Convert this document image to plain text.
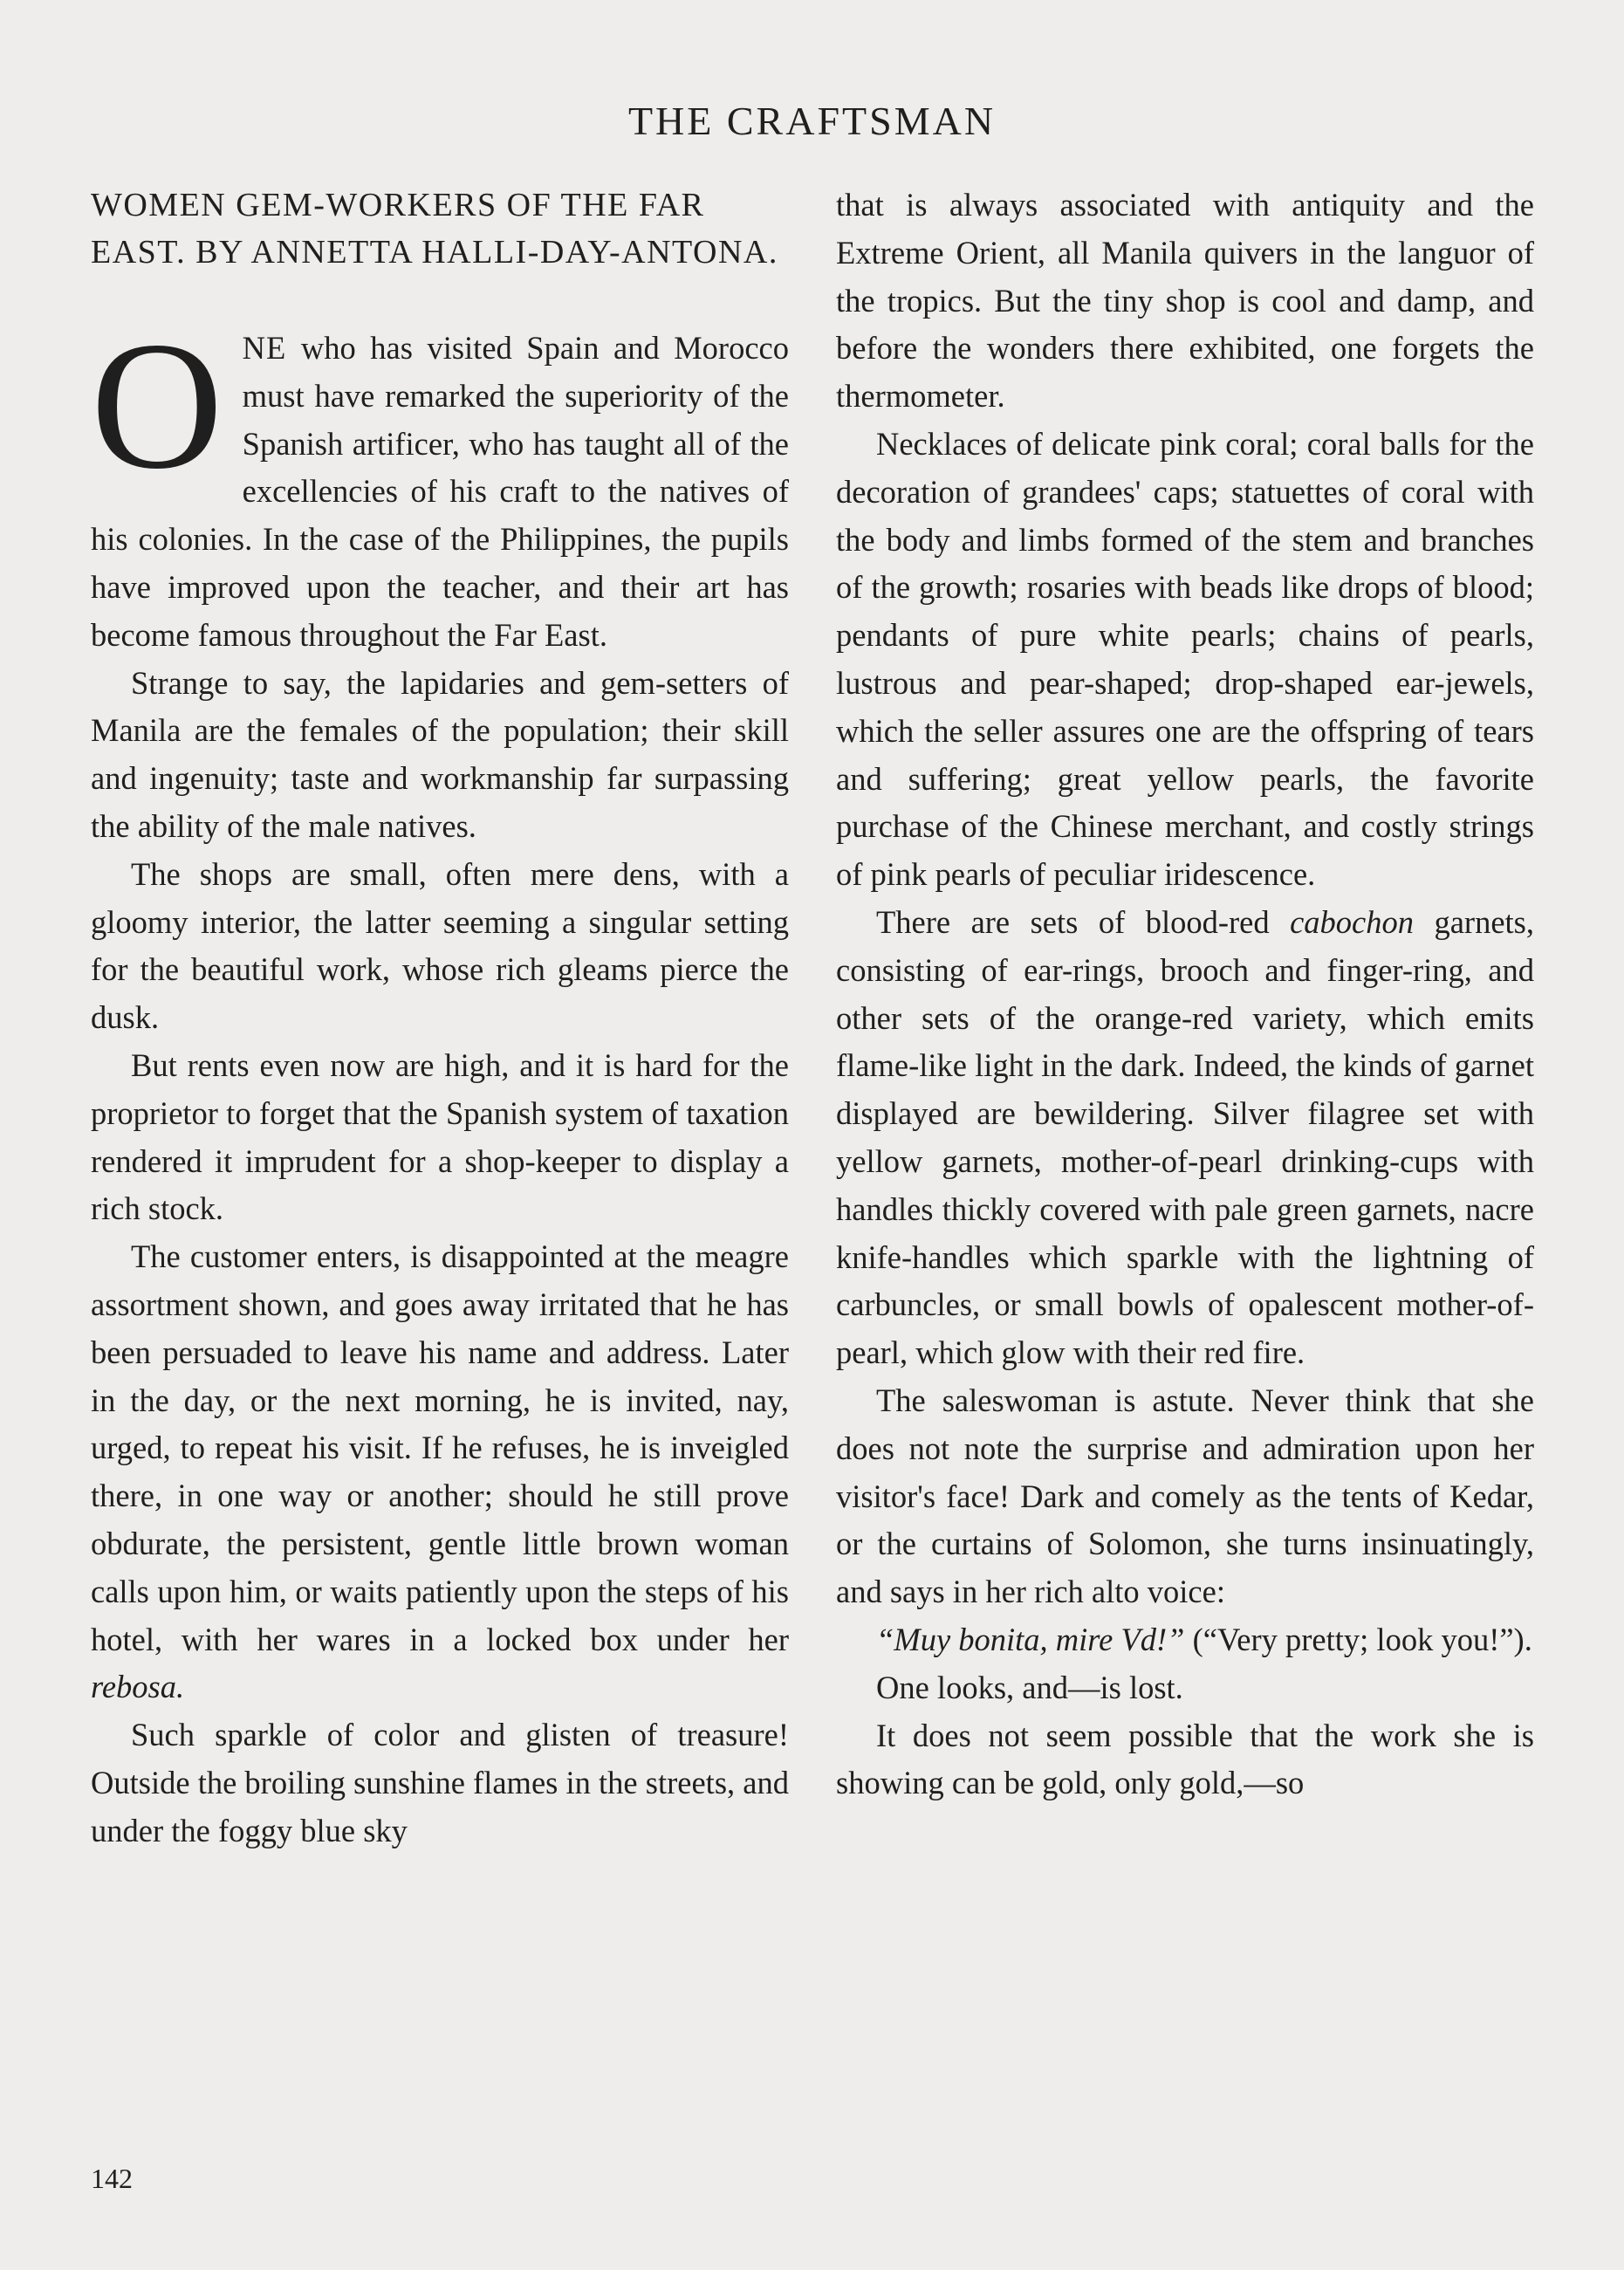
THE CRAFTSMAN
WOMEN GEM-WORKERS OF THE FAR EAST. BY ANNETTA HALLI-DAY-ANTONA.

ONE who has visited Spain and Morocco must have remarked the superiority of the Spanish artificer, who has taught all of the excellencies of his craft to the natives of his colonies. In the case of the Philippines, the pupils have improved upon the teacher, and their art has become famous throughout the Far East.

Strange to say, the lapidaries and gem-setters of Manila are the females of the population; their skill and ingenuity; taste and workmanship far surpassing the ability of the male natives.

The shops are small, often mere dens, with a gloomy interior, the latter seeming a singular setting for the beautiful work, whose rich gleams pierce the dusk.

But rents even now are high, and it is hard for the proprietor to forget that the Spanish system of taxation rendered it imprudent for a shop-keeper to display a rich stock.

The customer enters, is disappointed at the meagre assortment shown, and goes away irritated that he has been persuaded to leave his name and address. Later in the day, or the next morning, he is invited, nay, urged, to repeat his visit. If he refuses, he is inveigled there, in one way or another; should he still prove obdurate, the persistent, gentle little brown woman calls upon him, or waits patiently upon the steps of his hotel, with her wares in a locked box under her rebosa.

Such sparkle of color and glisten of treasure! Outside the broiling sunshine flames in the streets, and under the foggy blue sky

that is always associated with antiquity and the Extreme Orient, all Manila quivers in the languor of the tropics. But the tiny shop is cool and damp, and before the wonders there exhibited, one forgets the thermometer.

Necklaces of delicate pink coral; coral balls for the decoration of grandees' caps; statuettes of coral with the body and limbs formed of the stem and branches of the growth; rosaries with beads like drops of blood; pendants of pure white pearls; chains of pearls, lustrous and pear-shaped; drop-shaped ear-jewels, which the seller assures one are the offspring of tears and suffering; great yellow pearls, the favorite purchase of the Chinese merchant, and costly strings of pink pearls of peculiar iridescence.

There are sets of blood-red cabochon garnets, consisting of ear-rings, brooch and finger-ring, and other sets of the orange-red variety, which emits flame-like light in the dark. Indeed, the kinds of garnet displayed are bewildering. Silver filagree set with yellow garnets, mother-of-pearl drinking-cups with handles thickly covered with pale green garnets, nacre knife-handles which sparkle with the lightning of carbuncles, or small bowls of opalescent mother-of-pearl, which glow with their red fire.

The saleswoman is astute. Never think that she does not note the surprise and admiration upon her visitor's face! Dark and comely as the tents of Kedar, or the curtains of Solomon, she turns insinuatingly, and says in her rich alto voice:

“Muy bonita, mire Vd!” (“Very pretty; look you!”).

One looks, and—is lost.

It does not seem possible that the work she is showing can be gold, only gold,—so

142
